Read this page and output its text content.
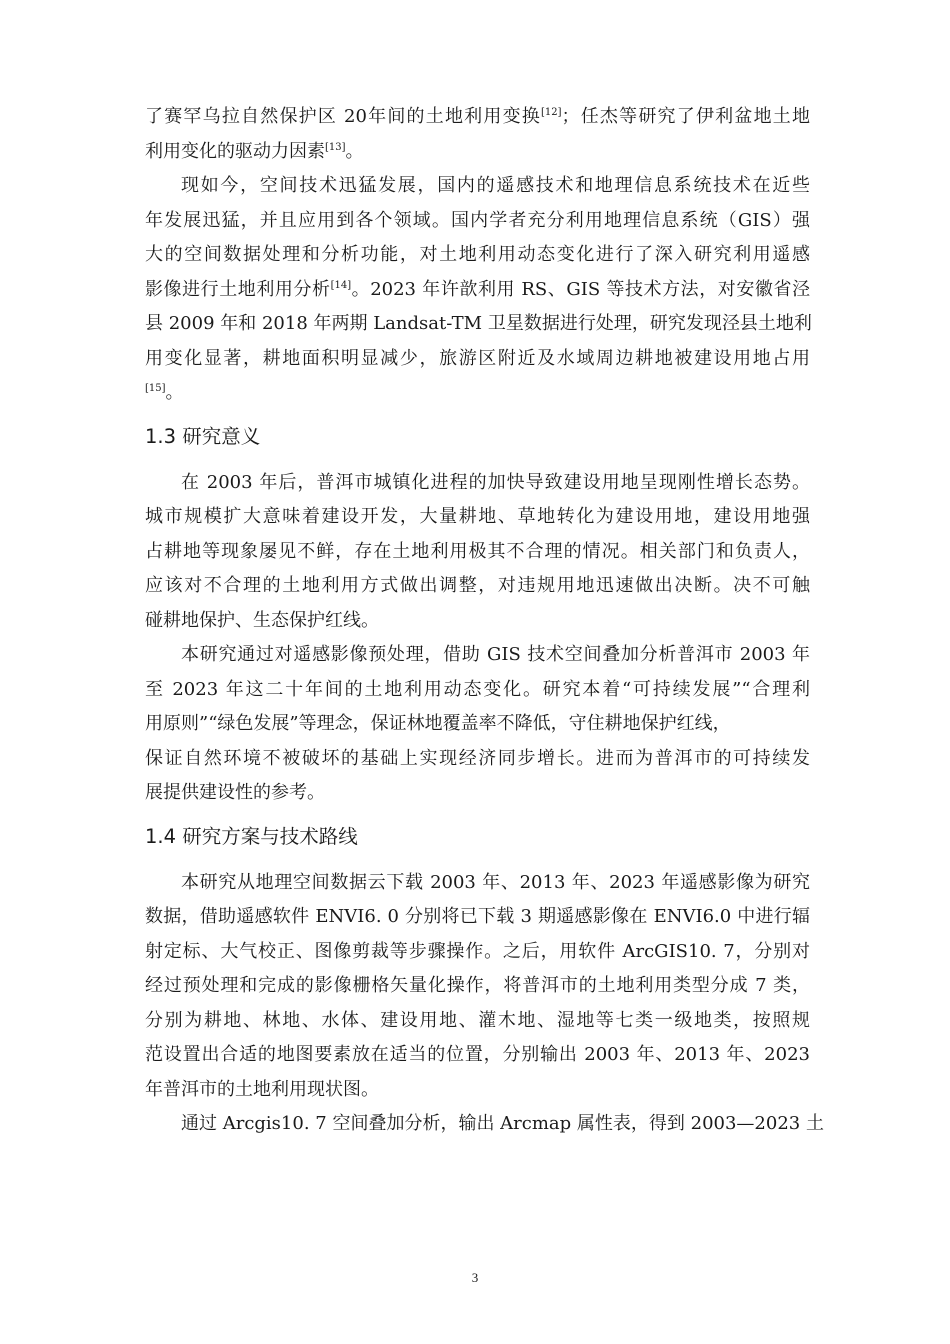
了赛罕乌拉自然保护区 20年间的土地利用变换[12]；任杰等研究了伊利盆地土地
利用变化的驱动力因素[13]。
现如今，空间技术迅猛发展，国内的遥感技术和地理信息系统技术在近些
年发展迅猛，并且应用到各个领域。国内学者充分利用地理信息系统（GIS）强
大的空间数据处理和分析功能，对土地利用动态变化进行了深入研究利用遥感
影像进行土地利用分析[14]。2023 年许歆利用 RS、GIS 等技术方法，对安徽省泾
县 2009 年和 2018 年两期 Landsat-TM 卫星数据进行处理，研究发现泾县土地利
用变化显著，耕地面积明显减少，旅游区附近及水域周边耕地被建设用地占用
[15]。
1.3 研究意义
在 2003 年后，普洱市城镇化进程的加快导致建设用地呈现刚性增长态势。
城市规模扩大意味着建设开发，大量耕地、草地转化为建设用地，建设用地强
占耕地等现象屡见不鲜，存在土地利用极其不合理的情况。相关部门和负责人，
应该对不合理的土地利用方式做出调整，对违规用地迅速做出决断。决不可触
碰耕地保护、生态保护红线。
本研究通过对遥感影像预处理，借助 GIS 技术空间叠加分析普洱市 2003 年
至 2023 年这二十年间的土地利用动态变化。研究本着“可持续发展”“合理利
用原则”“绿色发展”等理念，保证林地覆盖率不降低，守住耕地保护红线，
保证自然环境不被破坏的基础上实现经济同步增长。进而为普洱市的可持续发
展提供建设性的参考。
1.4 研究方案与技术路线
本研究从地理空间数据云下载 2003 年、2013 年、2023 年遥感影像为研究
数据，借助遥感软件 ENVI6. 0 分别将已下载 3 期遥感影像在 ENVI6.0 中进行辐
射定标、大气校正、图像剪裁等步骤操作。之后，用软件 ArcGIS10. 7，分别对
经过预处理和完成的影像栅格矢量化操作，将普洱市的土地利用类型分成 7 类，
分别为耕地、林地、水体、建设用地、灌木地、湿地等七类一级地类，按照规
范设置出合适的地图要素放在适当的位置，分别输出 2003 年、2013 年、2023
年普洱市的土地利用现状图。
通过 Arcgis10. 7 空间叠加分析，输出 Arcmap 属性表，得到 2003—2023 土
3
